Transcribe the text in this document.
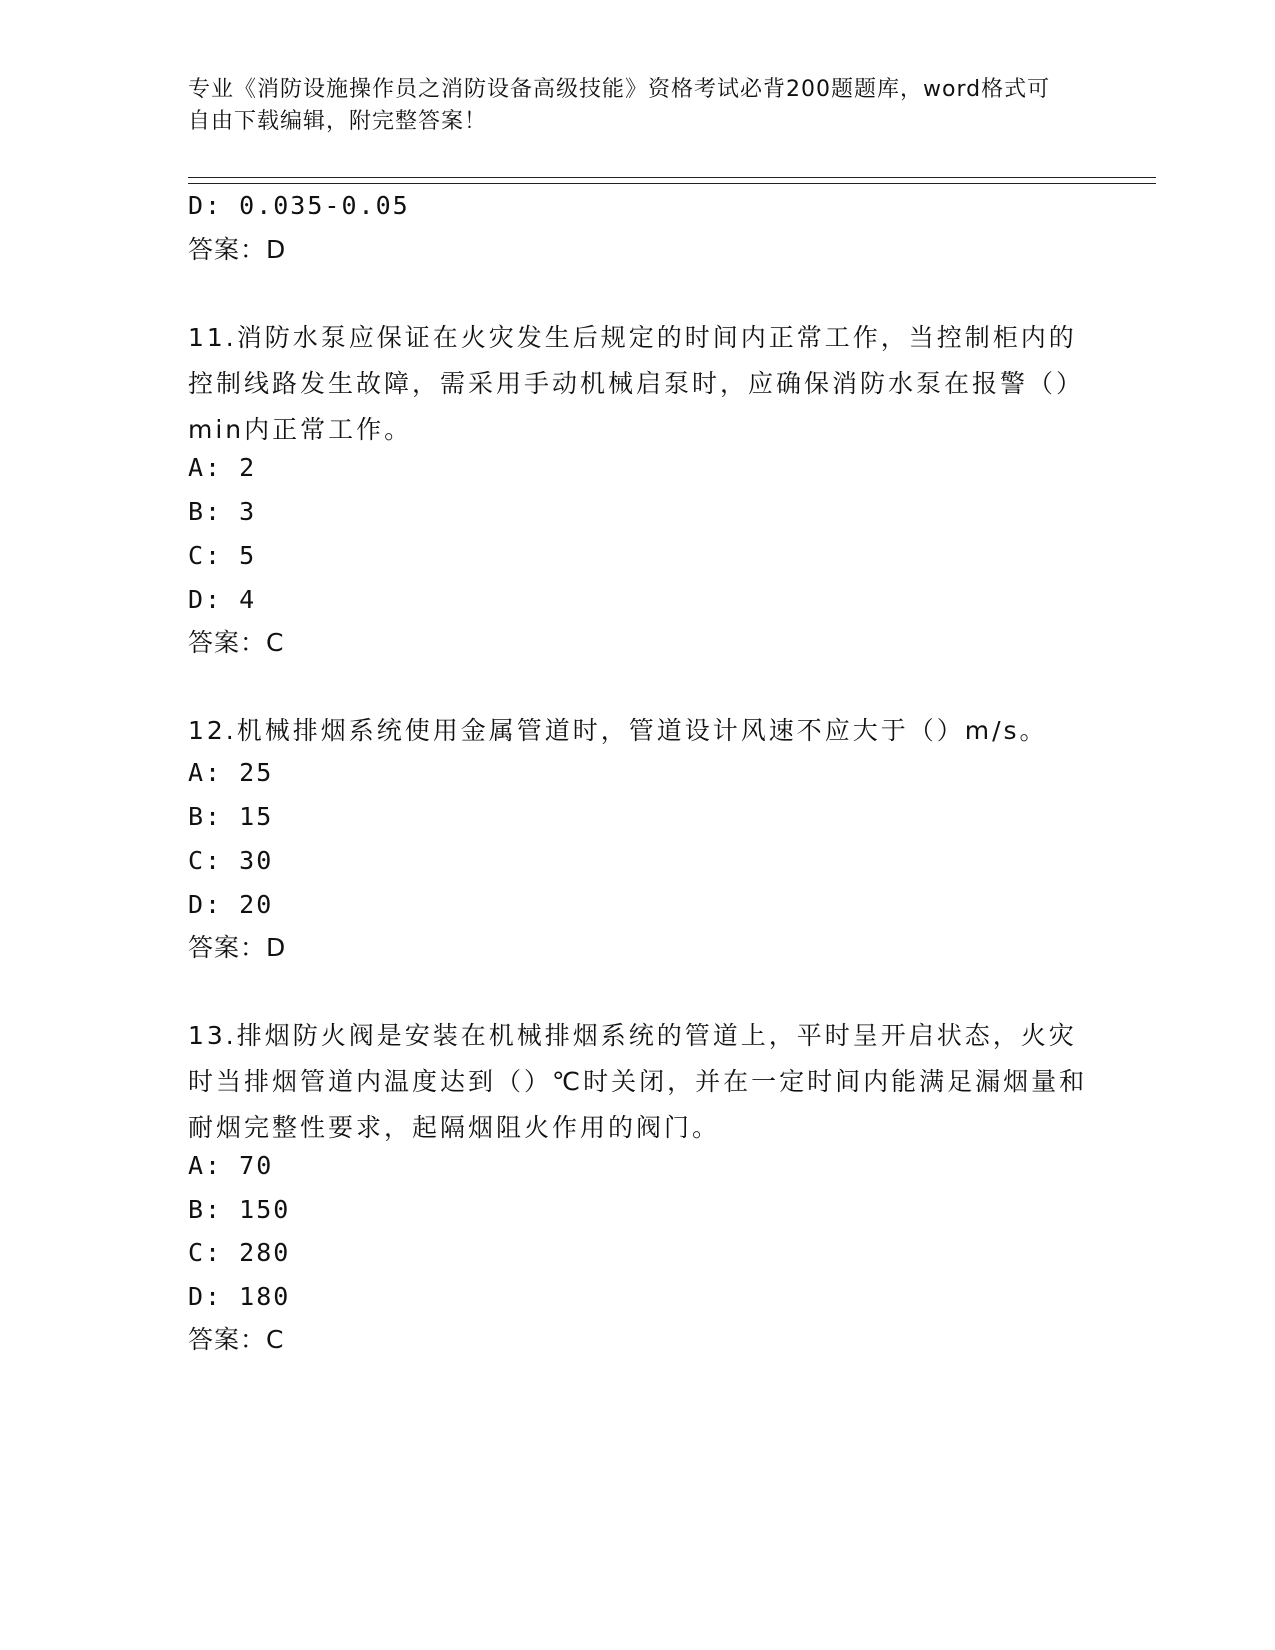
专业《消防设施操作员之消防设备高级技能》资格考试必背200题题库，word格式可自由下载编辑，附完整答案！

D: 0.035-0.05

答案：D

11.消防水泵应保证在火灾发生后规定的时间内正常工作，当控制柜内的控制线路发生故障，需采用手动机械启泵时，应确保消防水泵在报警（）min内正常工作。

A: 2

B: 3

C: 5

D: 4

答案：C

12.机械排烟系统使用金属管道时，管道设计风速不应大于（）m/s。

A: 25

B: 15

C: 30

D: 20

答案：D

13.排烟防火阀是安装在机械排烟系统的管道上，平时呈开启状态，火灾时当排烟管道内温度达到（）℃时关闭，并在一定时间内能满足漏烟量和耐烟完整性要求，起隔烟阻火作用的阀门。

A: 70

B: 150

C: 280

D: 180

答案：C
